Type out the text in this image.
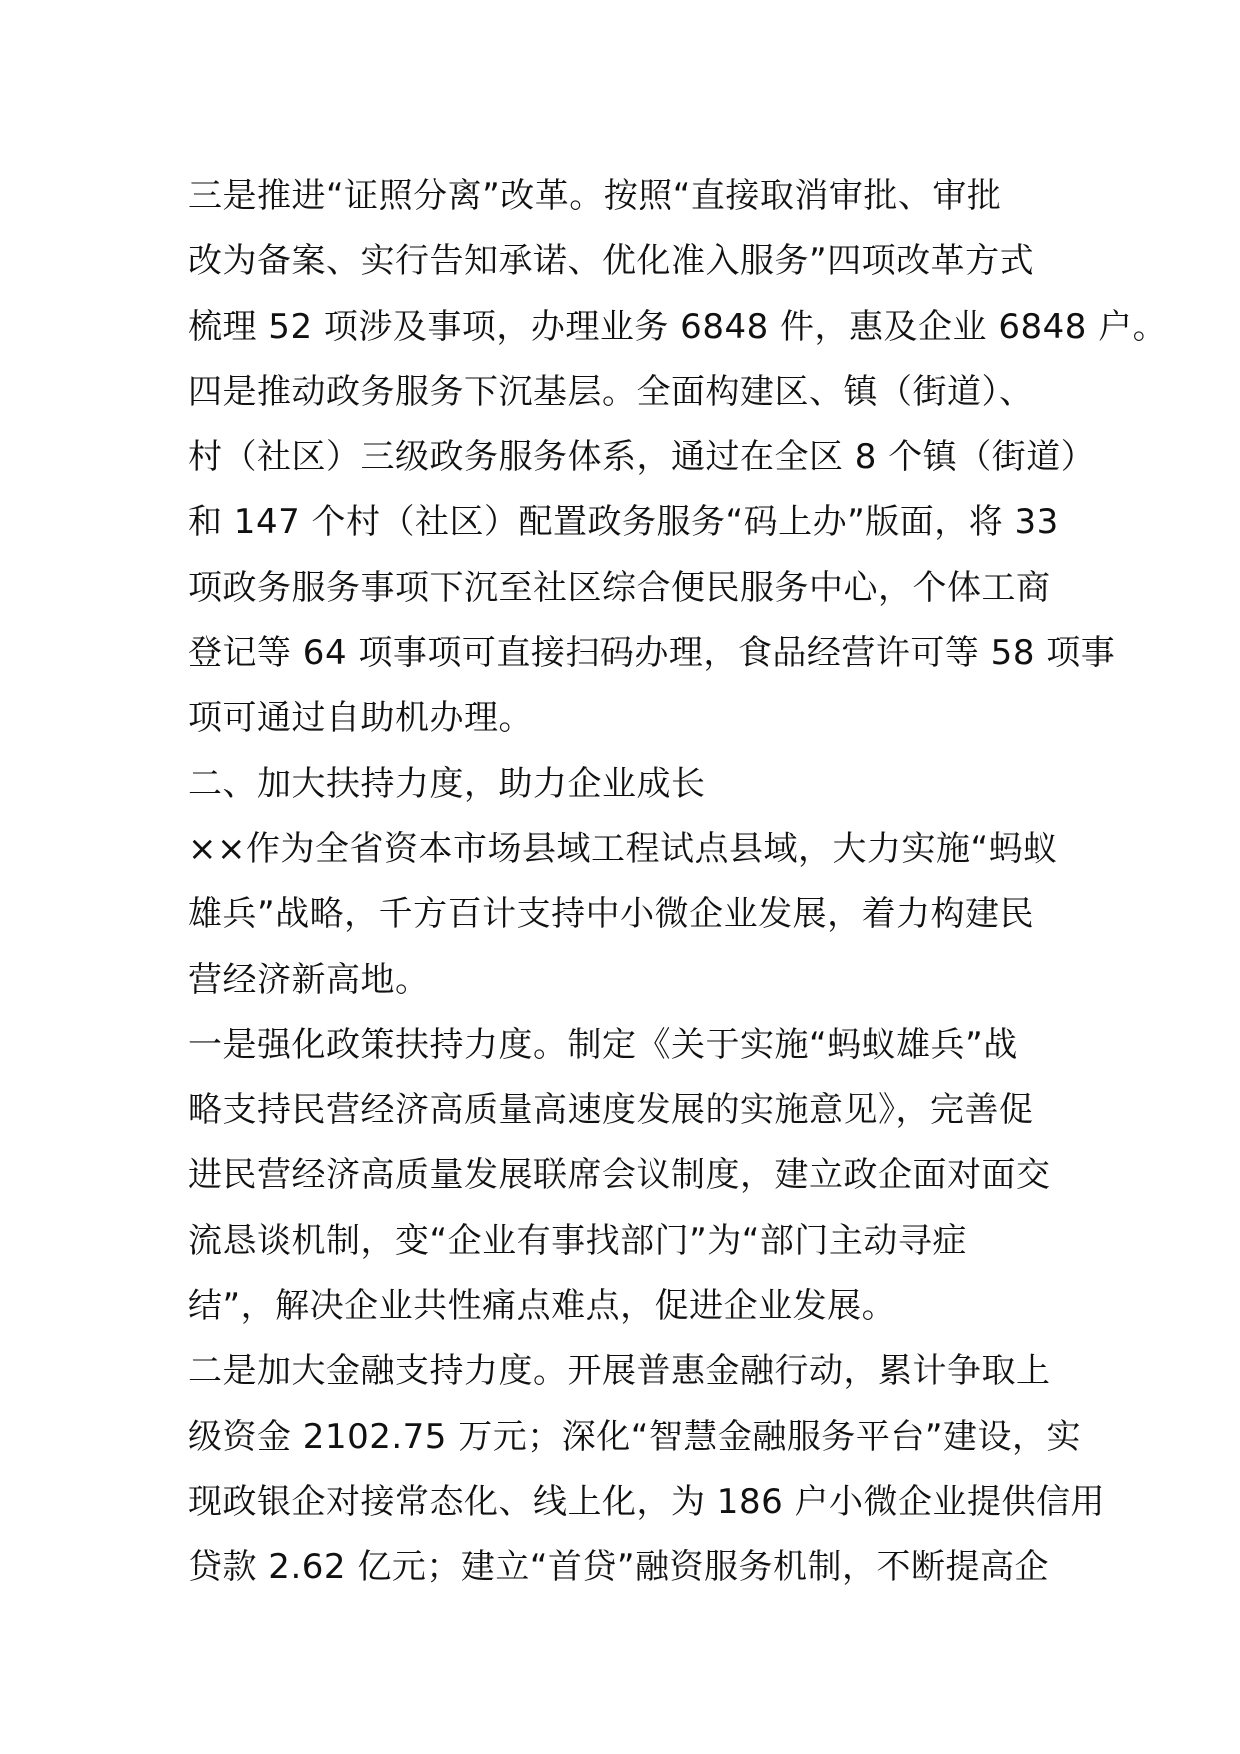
三是推进“证照分离”改革。按照“直接取消审批、审批
改为备案、实行告知承诺、优化准入服务”四项改革方式
梳理 52 项涉及事项，办理业务 6848 件，惠及企业 6848 户。
四是推动政务服务下沉基层。全面构建区、镇（街道）、
村（社区）三级政务服务体系，通过在全区 8 个镇（街道）
和 147 个村（社区）配置政务服务“码上办”版面，将 33
项政务服务事项下沉至社区综合便民服务中心，个体工商
登记等 64 项事项可直接扫码办理，食品经营许可等 58 项事
项可通过自助机办理。
二、加大扶持力度，助力企业成长
××作为全省资本市场县域工程试点县域，大力实施“蚂蚁
雄兵”战略，千方百计支持中小微企业发展，着力构建民
营经济新高地。
一是强化政策扶持力度。制定《关于实施“蚂蚁雄兵”战
略支持民营经济高质量高速度发展的实施意见》，完善促
进民营经济高质量发展联席会议制度，建立政企面对面交
流恳谈机制，变“企业有事找部门”为“部门主动寻症
结”，解决企业共性痛点难点，促进企业发展。
二是加大金融支持力度。开展普惠金融行动，累计争取上
级资金 2102.75 万元；深化“智慧金融服务平台”建设，实
现政银企对接常态化、线上化，为 186 户小微企业提供信用
贷款 2.62 亿元；建立“首贷”融资服务机制，不断提高企
